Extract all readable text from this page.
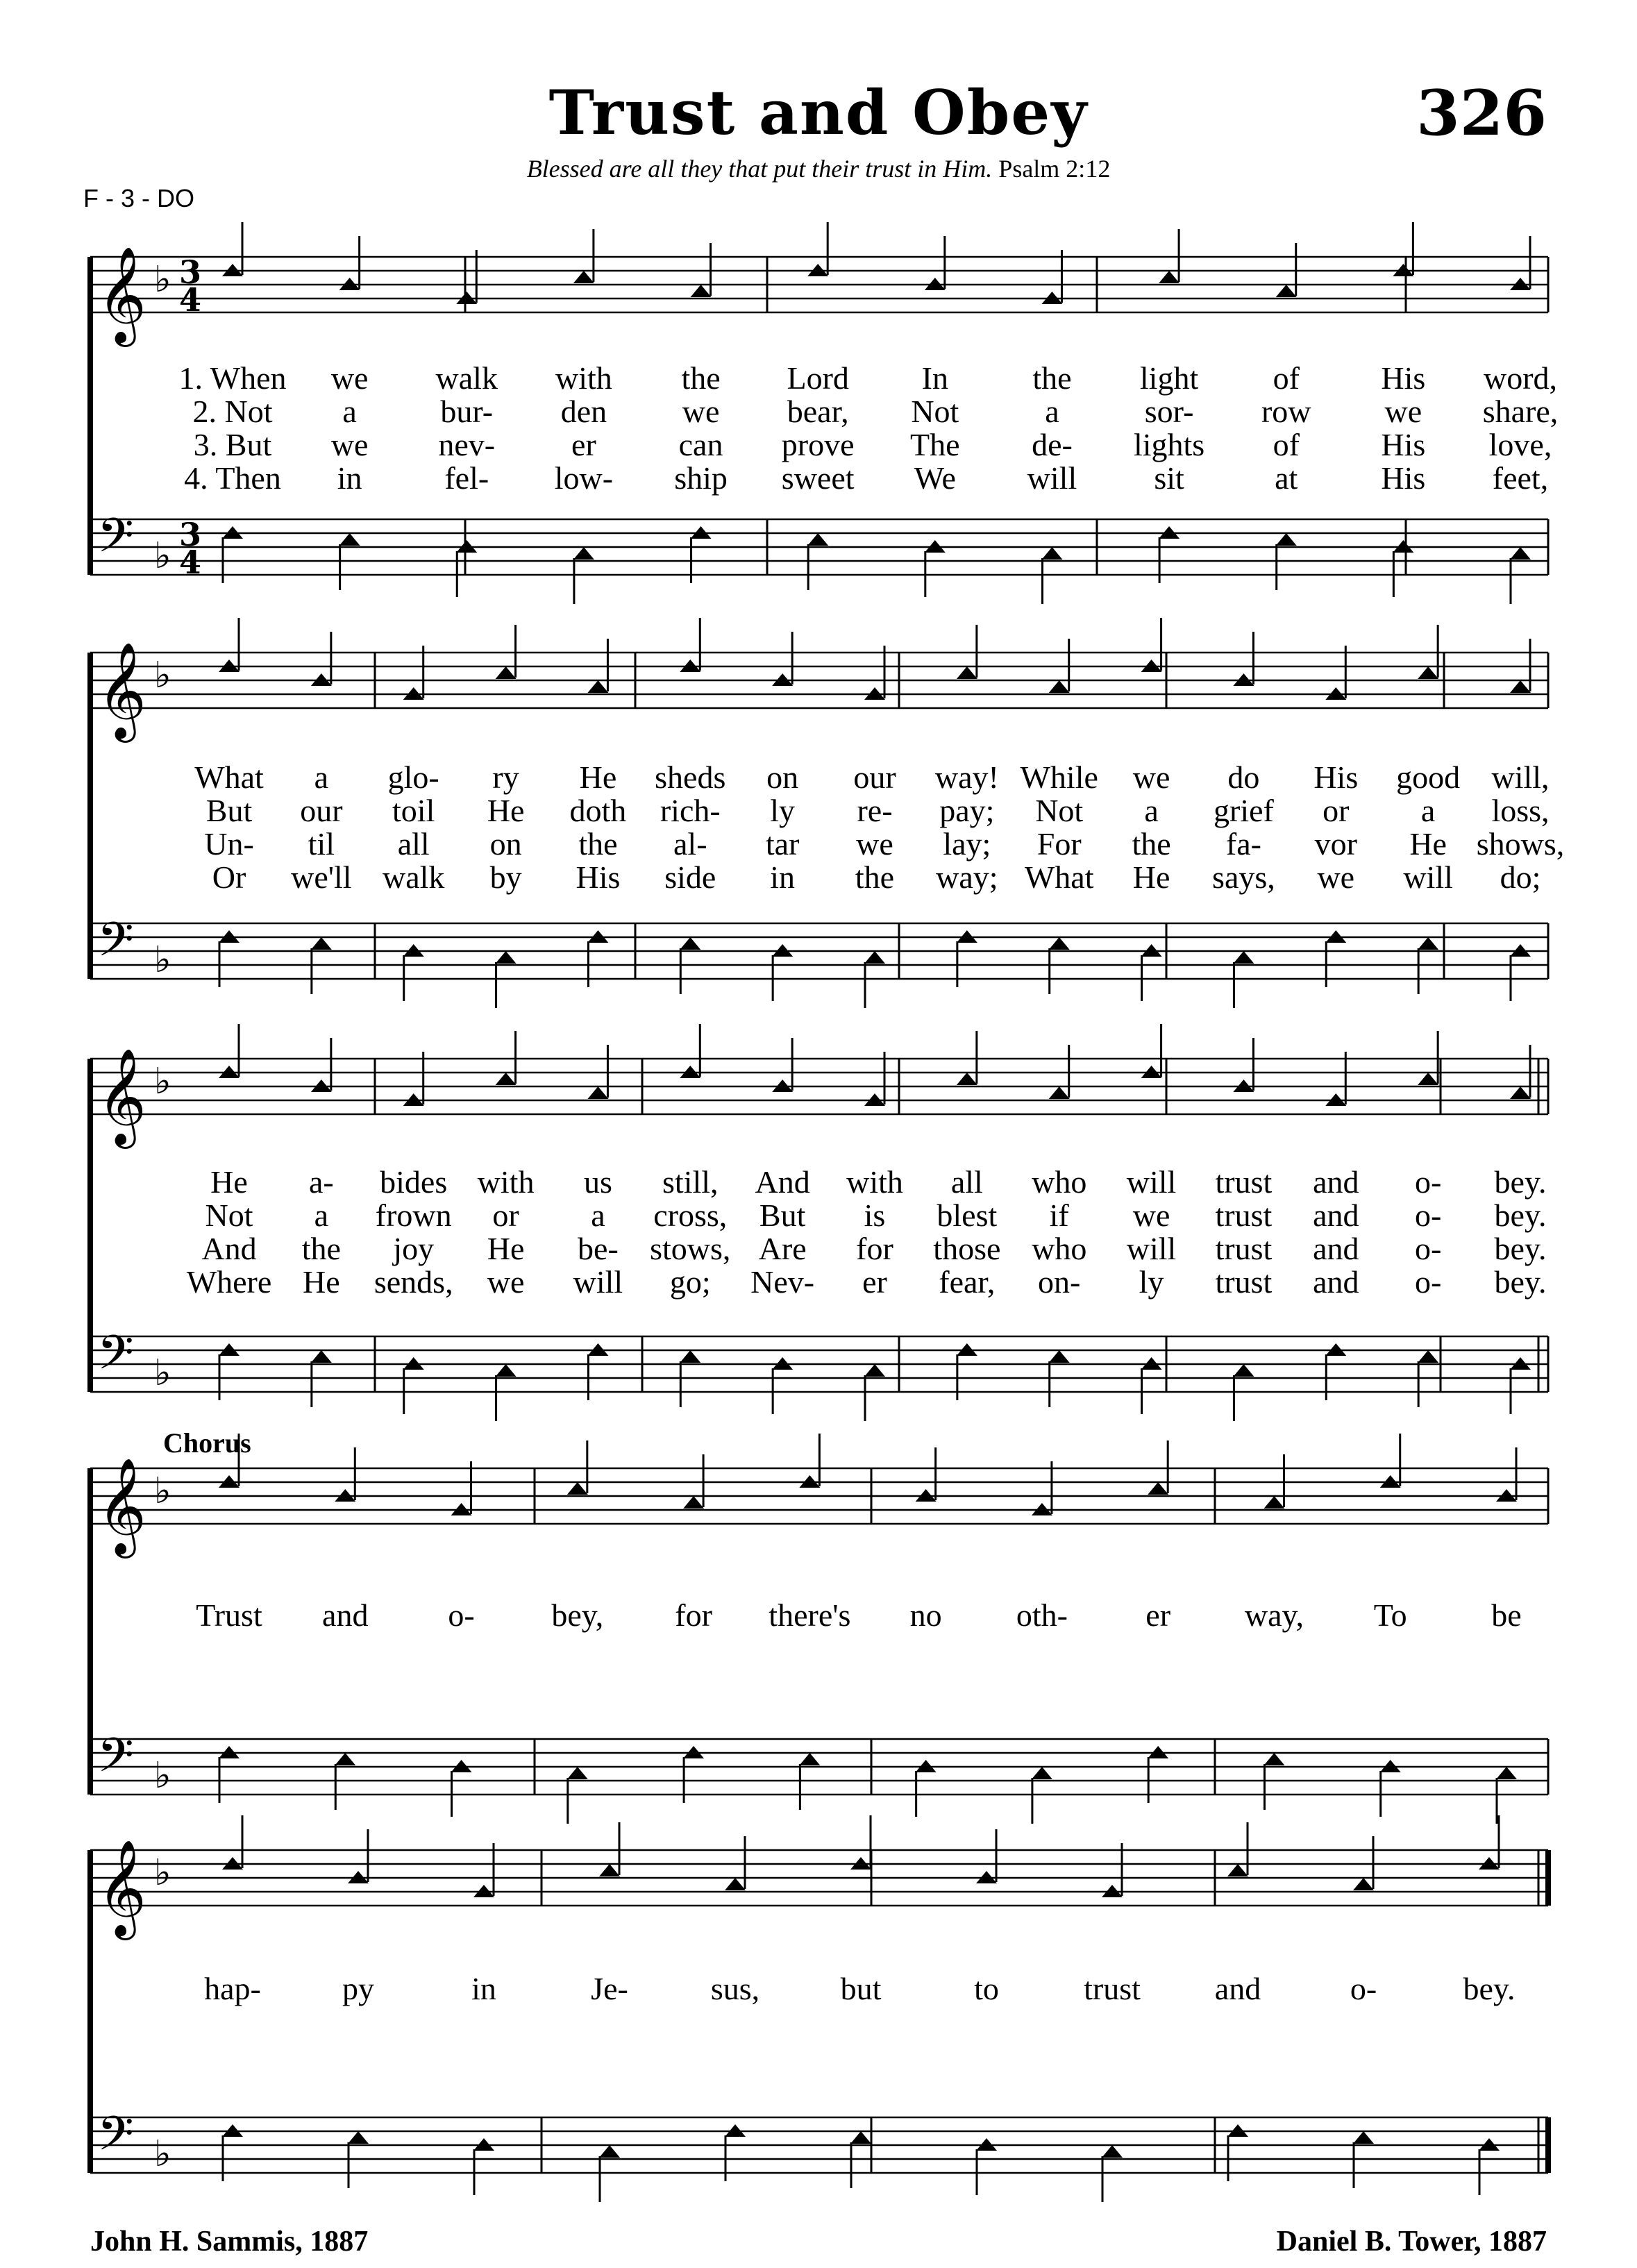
Trust and Obey	326
Blessed are all they that put their trust in Him. Psalm 2:12
F - 3 - DO
Chorus
John H. Sammis, 1887	Daniel B. Tower, 1887
3
3
4
4
1. When we walk with the Lord In	the light of	His word,
2. Not a	bur- den we bear, Not	a	sor- row we share,
3. But we nev- er	can prove The de- lights of	His love,
4. Then in	fel- low- ship sweet We will sit	at	His feet,
𝄞
𝄢
♭
♭
What a glo- ry He sheds on our way! While we do His good will,
But our toil He doth rich- ly re- pay; Not a grief or a loss,
Un- til all on the al- tar we lay; For the fa- vor He shows,
Or we'll walk by His side in the way; What He says, we will do;
𝄞
𝄢
♭
♭
He a- bides with us still, And with all who will trust and o- bey.
Not a frown or a cross, But is blest if we trust and o- bey.
And the joy He be- stows, Are for those who will trust and o- bey.
Where He sends, we will go; Nev- er fear, on- ly trust and o- bey.
𝄞
𝄢
♭
♭
Trust and o- bey, for there's no oth- er way, To	be
𝄞
𝄢
♭
♭
hap-	py	in	Je-	sus,	but	to	trust and	o-	bey.
𝄞
𝄢
♭
♭
